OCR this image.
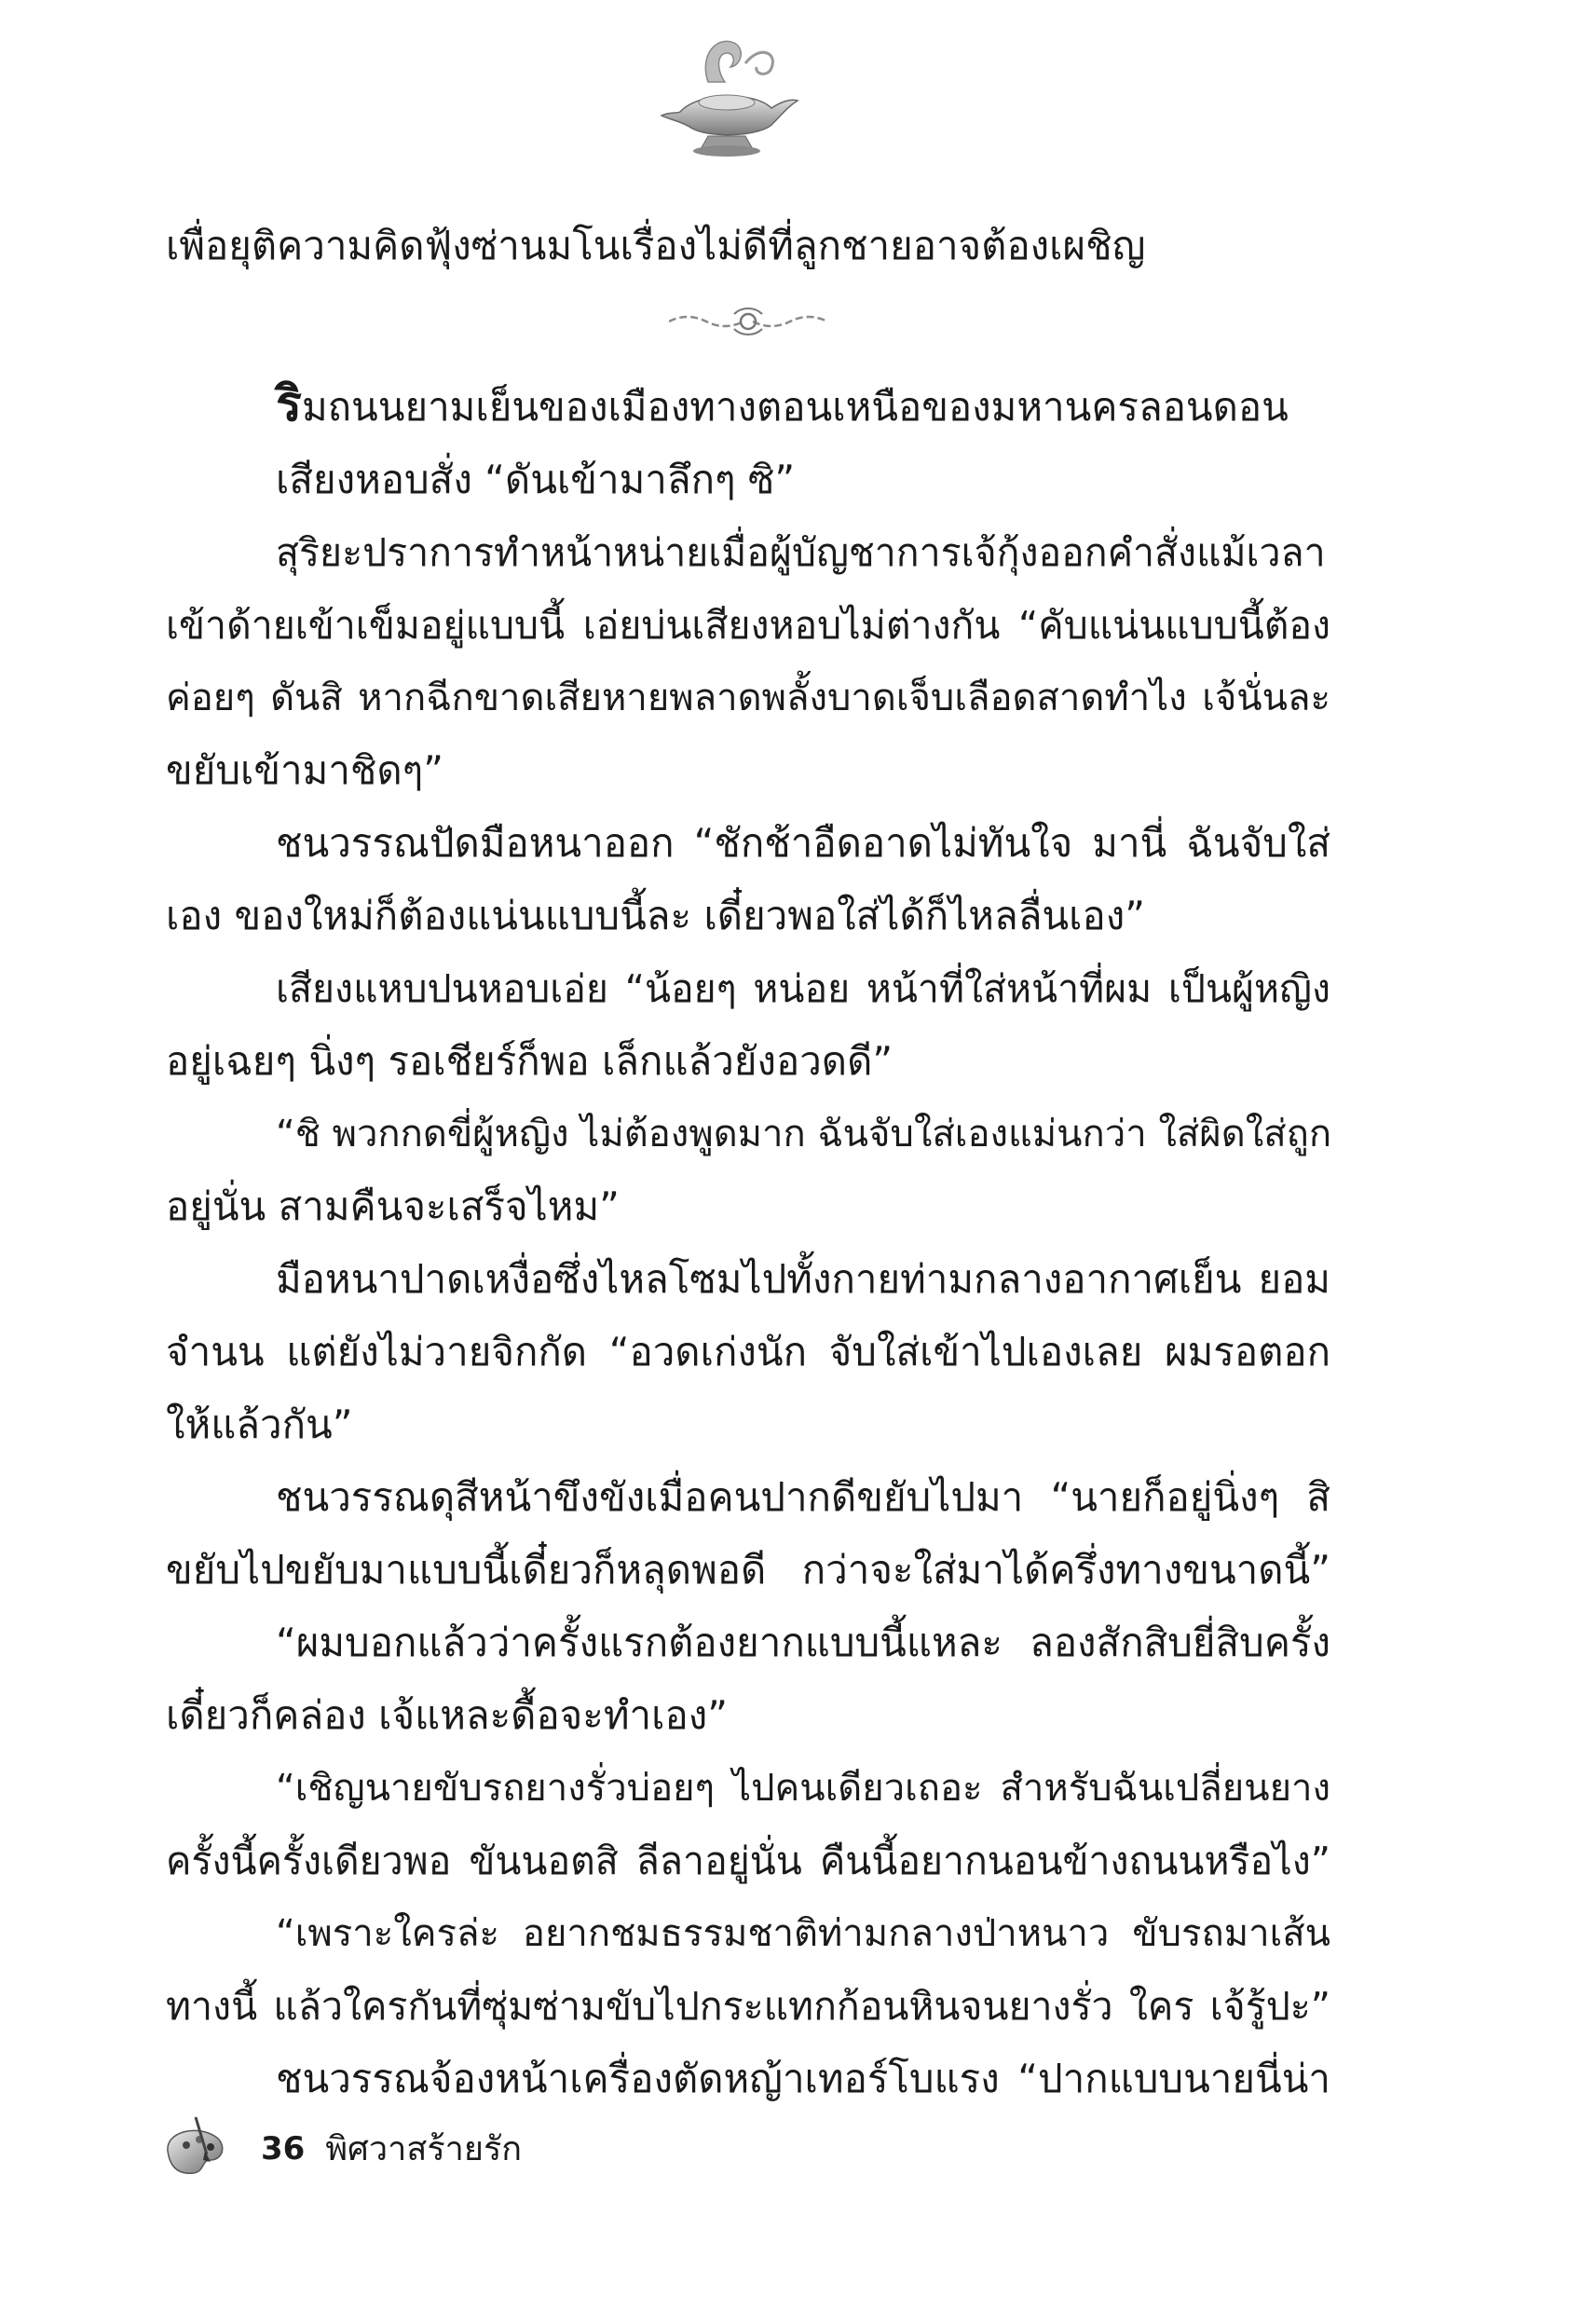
เพื่อยุติความคิดฟุ้งซ่านมโนเรื่องไม่ดีที่ลูกชายอาจต้องเผชิญ
ริมถนนยามเย็นของเมืองทางตอนเหนือของมหานครลอนดอน
เสียงหอบสั่ง “ดันเข้ามาลึกๆ ซิ”
สุริยะปราการทำหน้าหน่ายเมื่อผู้บัญชาการเจ้กุ้งออกคำสั่งแม้เวลา
เข้าด้ายเข้าเข็มอยู่แบบนี้ เอ่ยบ่นเสียงหอบไม่ต่างกัน “คับแน่นแบบนี้ต้อง
ค่อยๆ ดันสิ หากฉีกขาดเสียหายพลาดพลั้งบาดเจ็บเลือดสาดทำไง เจ้นั่นละ
ขยับเข้ามาชิดๆ”
ชนวรรณปัดมือหนาออก “ชักช้าอืดอาดไม่ทันใจ มานี่ ฉันจับใส่
เอง ของใหม่ก็ต้องแน่นแบบนี้ละ เดี๋ยวพอใส่ได้ก็ไหลลื่นเอง”
เสียงแหบปนหอบเอ่ย “น้อยๆ หน่อย หน้าที่ใส่หน้าที่ผม เป็นผู้หญิง
อยู่เฉยๆ นิ่งๆ รอเชียร์ก็พอ เล็กแล้วยังอวดดี”
“ชิ พวกกดขี่ผู้หญิง ไม่ต้องพูดมาก ฉันจับใส่เองแม่นกว่า ใส่ผิดใส่ถูก
อยู่นั่น สามคืนจะเสร็จไหม”
มือหนาปาดเหงื่อซึ่งไหลโซมไปทั้งกายท่ามกลางอากาศเย็น ยอม
จำนน แต่ยังไม่วายจิกกัด “อวดเก่งนัก จับใส่เข้าไปเองเลย ผมรอตอก
ให้แล้วกัน”
ชนวรรณดุสีหน้าขึงขังเมื่อคนปากดีขยับไปมา “นายก็อยู่นิ่งๆ สิ
ขยับไปขยับมาแบบนี้เดี๋ยวก็หลุดพอดี กว่าจะใส่มาได้ครึ่งทางขนาดนี้”
“ผมบอกแล้วว่าครั้งแรกต้องยากแบบนี้แหละ ลองสักสิบยี่สิบครั้ง
เดี๋ยวก็คล่อง เจ้แหละดื้อจะทำเอง”
“เชิญนายขับรถยางรั่วบ่อยๆ ไปคนเดียวเถอะ สำหรับฉันเปลี่ยนยาง
ครั้งนี้ครั้งเดียวพอ ขันนอตสิ ลีลาอยู่นั่น คืนนี้อยากนอนข้างถนนหรือไง”
“เพราะใครล่ะ อยากชมธรรมชาติท่ามกลางป่าหนาว ขับรถมาเส้น
ทางนี้ แล้วใครกันที่ซุ่มซ่ามขับไปกระแทกก้อนหินจนยางรั่ว ใคร เจ้รู้ปะ”
ชนวรรณจ้องหน้าเครื่องตัดหญ้าเทอร์โบแรง “ปากแบบนายนี่น่า
36 พิศวาสร้ายรัก
